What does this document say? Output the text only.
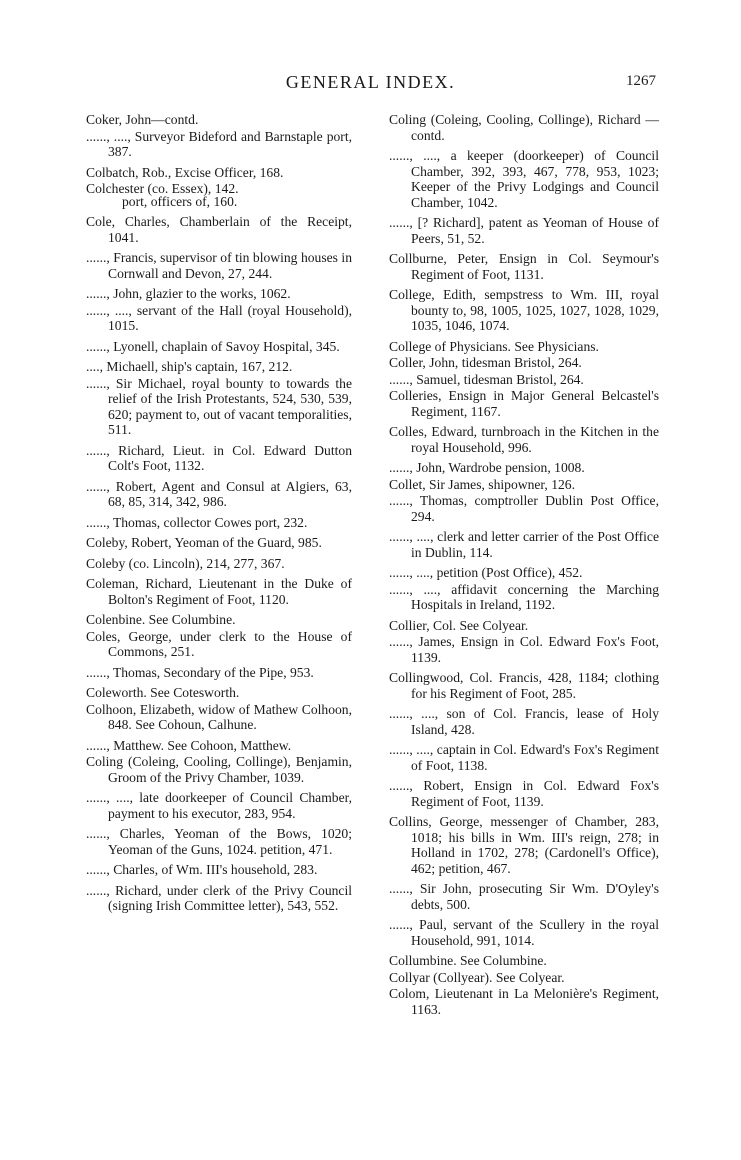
GENERAL INDEX.	1267

Coker, John—contd.

......, ...., Surveyor Bideford and Barnstaple port, 387.

Colbatch, Rob., Excise Officer, 168.

Colchester (co. Essex), 142.

port, officers of, 160.

Cole, Charles, Chamberlain of the Receipt, 1041.

......, Francis, supervisor of tin blowing houses in Cornwall and Devon, 27, 244.

......, John, glazier to the works, 1062.

......, ...., servant of the Hall (royal Household), 1015.

......, Lyonell, chaplain of Savoy Hospital, 345.

...., Michaell, ship's captain, 167, 212.

......, Sir Michael, royal bounty to towards the relief of the Irish Protestants, 524, 530, 539, 620; payment to, out of vacant temporalities, 511.

......, Richard, Lieut. in Col. Edward Dutton Colt's Foot, 1132.

......, Robert, Agent and Consul at Algiers, 63, 68, 85, 314, 342, 986.

......, Thomas, collector Cowes port, 232.

Coleby, Robert, Yeoman of the Guard, 985.

Coleby (co. Lincoln), 214, 277, 367.

Coleman, Richard, Lieutenant in the Duke of Bolton's Regiment of Foot, 1120.

Colenbine. See Columbine.

Coles, George, under clerk to the House of Commons, 251.

......, Thomas, Secondary of the Pipe, 953.

Coleworth. See Cotesworth.

Colhoon, Elizabeth, widow of Mathew Colhoon, 848. See Cohoun, Calhune.

......, Matthew. See Cohoon, Matthew.

Coling (Coleing, Cooling, Collinge), Benjamin, Groom of the Privy Chamber, 1039.

......, ...., late doorkeeper of Council Chamber, payment to his executor, 283, 954.

......, Charles, Yeoman of the Bows, 1020; Yeoman of the Guns, 1024. petition, 471.

......, Charles, of Wm. III's household, 283.

......, Richard, under clerk of the Privy Council (signing Irish Committee letter), 543, 552.

Coling (Coleing, Cooling, Collinge), Richard —contd.

......, ...., a keeper (doorkeeper) of Council Chamber, 392, 393, 467, 778, 953, 1023; Keeper of the Privy Lodgings and Council Chamber, 1042.

......, [? Richard], patent as Yeoman of House of Peers, 51, 52.

Collburne, Peter, Ensign in Col. Seymour's Regiment of Foot, 1131.

College, Edith, sempstress to Wm. III, royal bounty to, 98, 1005, 1025, 1027, 1028, 1029, 1035, 1046, 1074.

College of Physicians. See Physicians.

Coller, John, tidesman Bristol, 264.

......, Samuel, tidesman Bristol, 264.

Colleries, Ensign in Major General Belcastel's Regiment, 1167.

Colles, Edward, turnbroach in the Kitchen in the royal Household, 996.

......, John, Wardrobe pension, 1008.

Collet, Sir James, shipowner, 126.

......, Thomas, comptroller Dublin Post Office, 294.

......, ...., clerk and letter carrier of the Post Office in Dublin, 114.

......, ...., petition (Post Office), 452.

......, ...., affidavit concerning the Marching Hospitals in Ireland, 1192.

Collier, Col. See Colyear.

......, James, Ensign in Col. Edward Fox's Foot, 1139.

Collingwood, Col. Francis, 428, 1184; clothing for his Regiment of Foot, 285.

......, ...., son of Col. Francis, lease of Holy Island, 428.

......, ...., captain in Col. Edward's Fox's Regiment of Foot, 1138.

......, Robert, Ensign in Col. Edward Fox's Regiment of Foot, 1139.

Collins, George, messenger of Chamber, 283, 1018; his bills in Wm. III's reign, 278; in Holland in 1702, 278; (Cardonell's Office), 462; petition, 467.

......, Sir John, prosecuting Sir Wm. D'Oyley's debts, 500.

......, Paul, servant of the Scullery in the royal Household, 991, 1014.

Collumbine. See Columbine.

Collyar (Collyear). See Colyear.

Colom, Lieutenant in La Melonière's Regiment, 1163.
